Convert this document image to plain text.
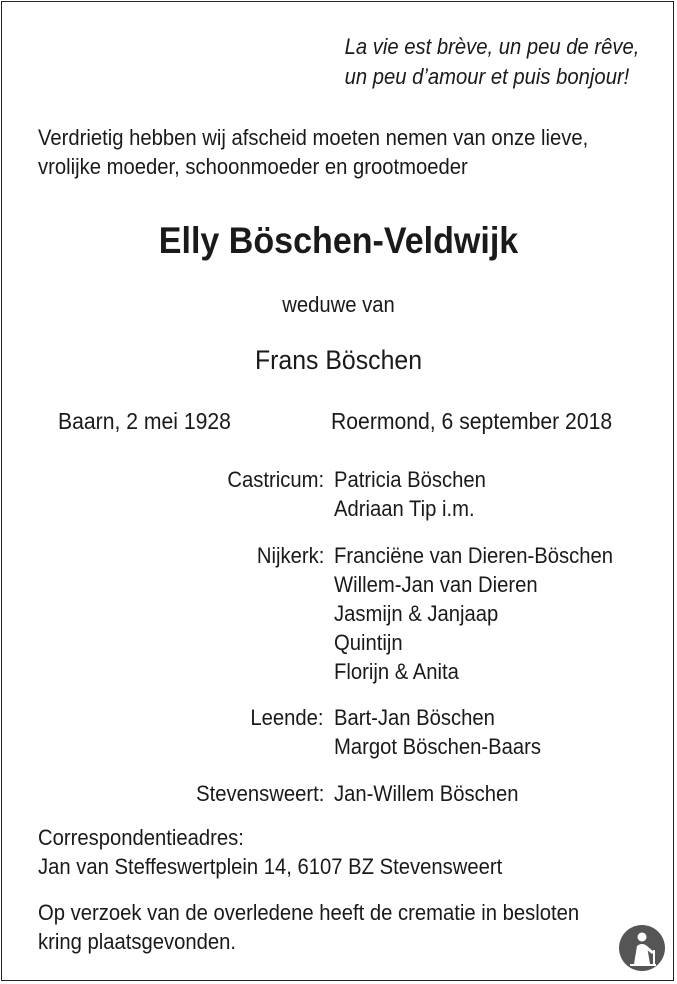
La vie est brève, un peu de rêve,
un peu d’amour et puis bonjour!
Verdrietig hebben wij afscheid moeten nemen van onze lieve,
vrolijke moeder, schoonmoeder en grootmoeder
Elly Böschen-Veldwijk
weduwe van
Frans Böschen
Baarn, 2 mei 1928	Roermond, 6 september 2018
Castricum: Patricia Böschen
Adriaan Tip i.m.
Nijkerk: Franciëne van Dieren-Böschen
Willem-Jan van Dieren
Jasmijn & Janjaap
Quintijn
Florijn & Anita
Leende: Bart-Jan Böschen
Margot Böschen-Baars
Stevensweert: Jan-Willem Böschen
Correspondentieadres:
Jan van Steffeswertplein 14, 6107 BZ Stevensweert
Op verzoek van de overledene heeft de crematie in besloten
kring plaatsgevonden.
